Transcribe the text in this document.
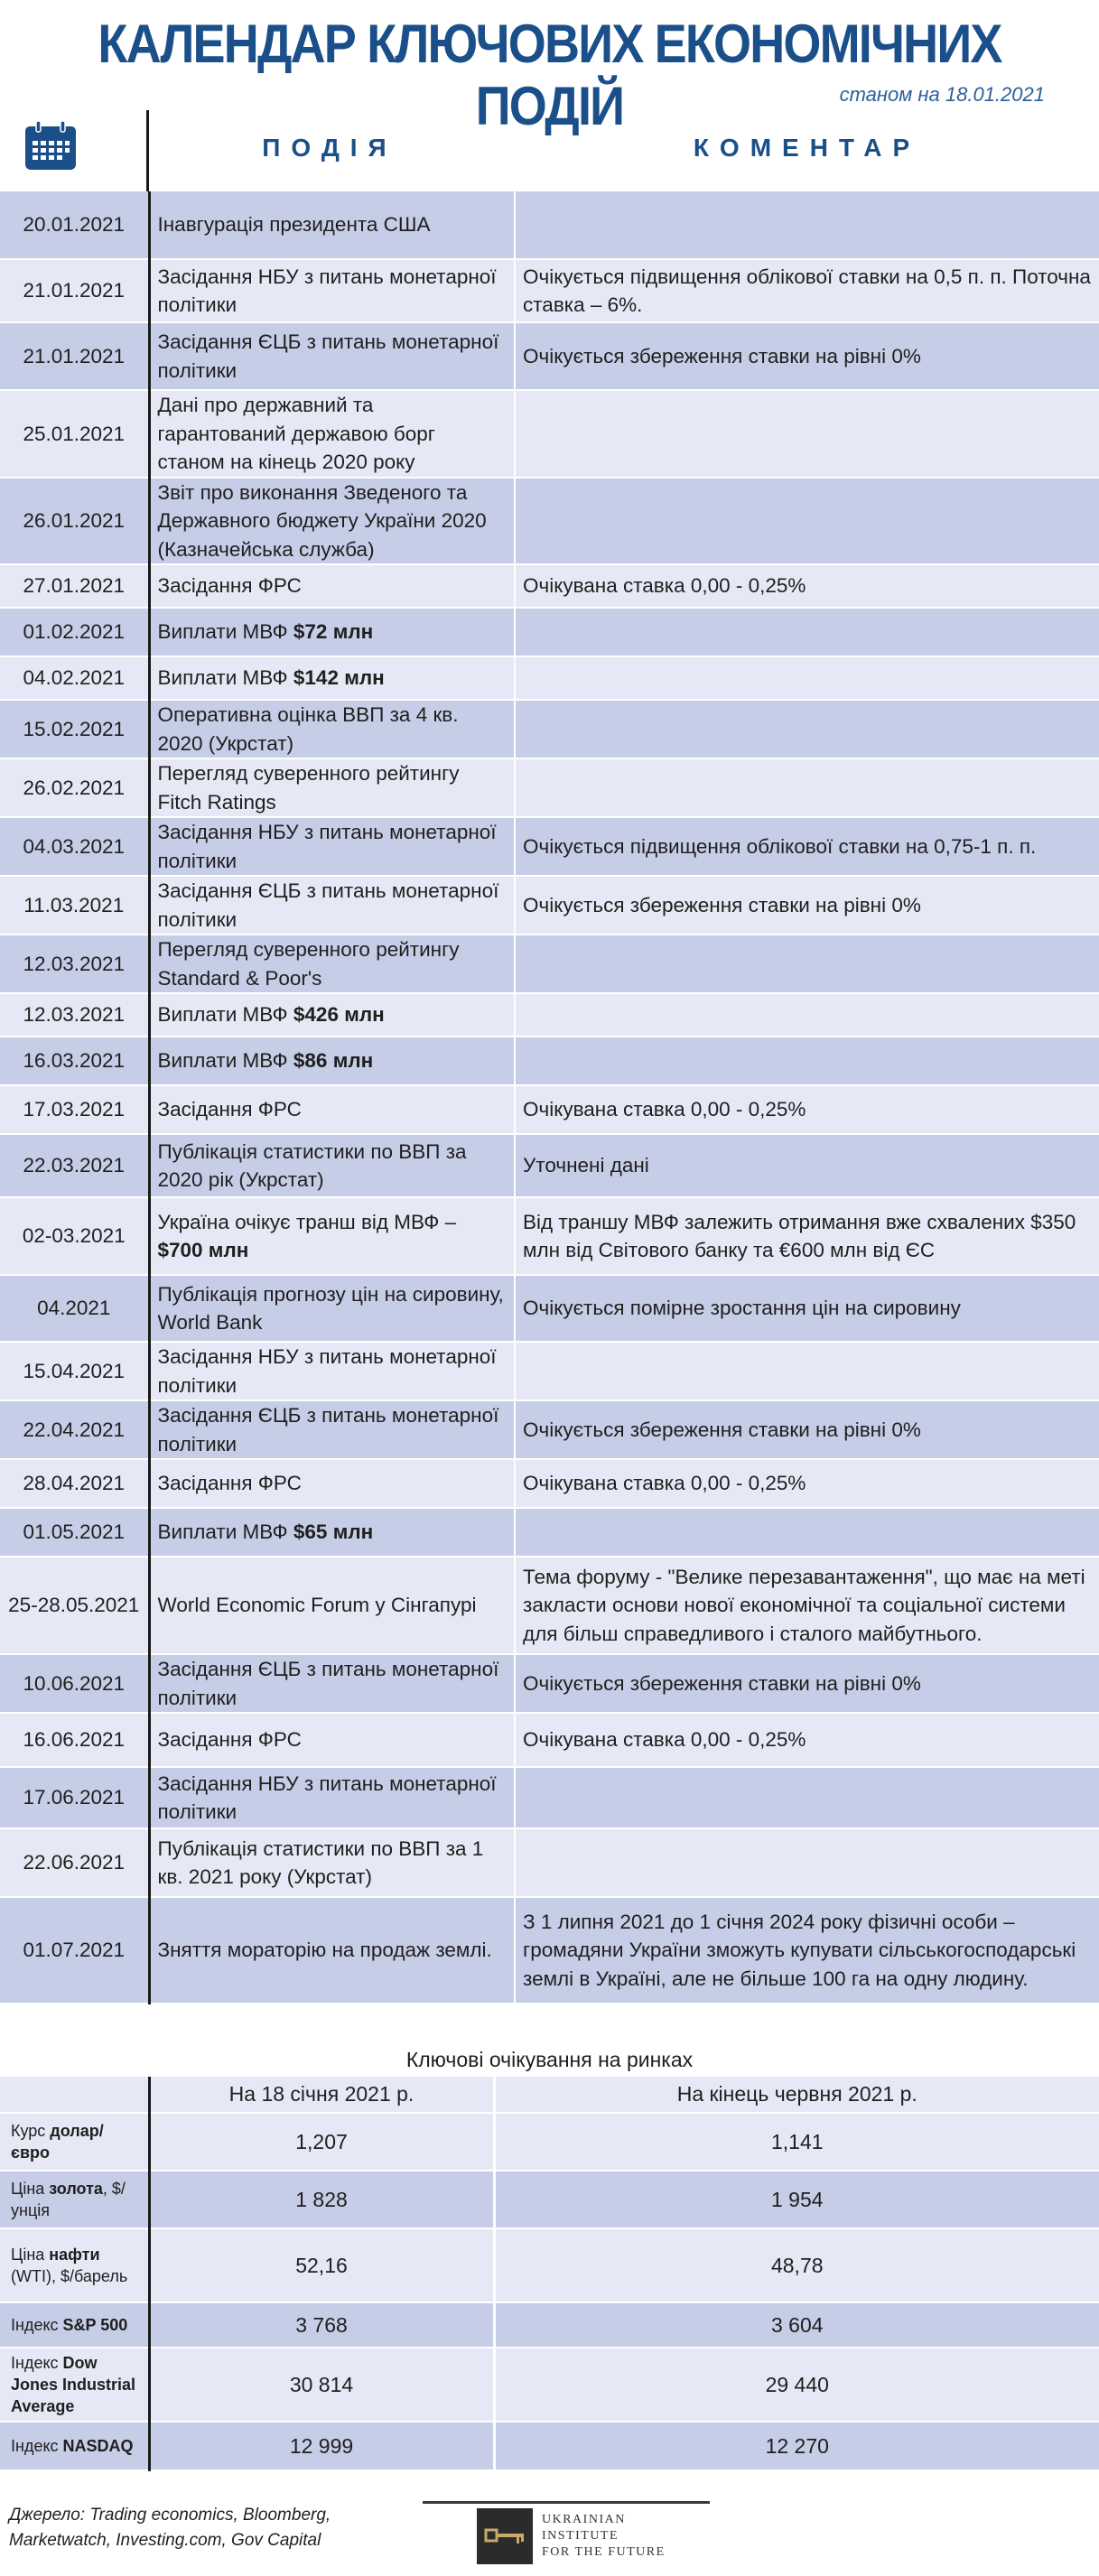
КАЛЕНДАР КЛЮЧОВИХ ЕКОНОМІЧНИХ ПОДІЙ	станом на 18.01.2021
ПОДІЯ	КОМЕНТАР
20.01.2021	Інавгурація президента США	
21.01.2021	Засідання НБУ з питань монетарної політики	Очікується підвищення облікової ставки на 0,5 п. п. Поточна ставка – 6%.
21.01.2021	Засідання ЄЦБ з питань монетарної політики	Очікується збереження ставки на рівні 0%
25.01.2021	Дані про державний та гарантований державою борг станом на кінець 2020 року	
26.01.2021	Звіт про виконання Зведеного та Державного бюджету України 2020 (Казначейська служба)	
27.01.2021	Засідання ФРС	Очікувана ставка 0,00 - 0,25%
01.02.2021	Виплати МВФ $72 млн	
04.02.2021	Виплати МВФ $142 млн	
15.02.2021	Оперативна оцінка ВВП за 4 кв. 2020 (Укрстат)	
26.02.2021	Перегляд суверенного рейтингу Fitch Ratings	
04.03.2021	Засідання НБУ з питань монетарної політики	Очікується підвищення облікової ставки на 0,75-1 п. п.
11.03.2021	Засідання ЄЦБ з питань монетарної політики	Очікується збереження ставки на рівні 0%
12.03.2021	Перегляд суверенного рейтингу Standard & Poor's	
12.03.2021	Виплати МВФ $426 млн	
16.03.2021	Виплати МВФ $86 млн	
17.03.2021	Засідання ФРС	Очікувана ставка 0,00 - 0,25%
22.03.2021	Публікація статистики по ВВП за 2020 рік (Укрстат)	Уточнені дані
02-03.2021	Україна очікує транш від МВФ – $700 млн	Від траншу МВФ залежить отримання вже схвалених $350 млн від Світового банку та €600 млн від ЄС
04.2021	Публікація прогнозу цін на сировину, World Bank	Очікується помірне зростання цін на сировину
15.04.2021	Засідання НБУ з питань монетарної політики	
22.04.2021	Засідання ЄЦБ з питань монетарної політики	Очікується збереження ставки на рівні 0%
28.04.2021	Засідання ФРС	Очікувана ставка 0,00 - 0,25%
01.05.2021	Виплати МВФ $65 млн	
25-28.05.2021	World Economic Forum у Сінгапурі	Тема форуму - "Велике перезавантаження", що має на меті закласти основи нової економічної та соціальної системи для більш справедливого і сталого майбутнього.
10.06.2021	Засідання ЄЦБ з питань монетарної політики	Очікується збереження ставки на рівні 0%
16.06.2021	Засідання ФРС	Очікувана ставка 0,00 - 0,25%
17.06.2021	Засідання НБУ з питань монетарної політики	
22.06.2021	Публікація статистики по ВВП за 1 кв. 2021 року (Укрстат)	
01.07.2021	Зняття мораторію на продаж землі.	З 1 липня 2021 до 1 січня 2024 року фізичні особи – громадяни України зможуть купувати сільськогосподарські землі в Україні, але не більше 100 га на одну людину.
Ключові очікування на ринках
	На 18 січня 2021 р.	На кінець червня 2021 р.
Курс долар/євро	1,207	1,141
Ціна золота, $/унція	1 828	1 954
Ціна нафти (WTI), $/барель	52,16	48,78
Індекс S&P 500	3 768	3 604
Індекс Dow Jones Industrial Average	30 814	29 440
Індекс NASDAQ	12 999	12 270
Джерело: Trading economics, Bloomberg, Marketwatch, Investing.com, Gov Capital
UKRAINIAN
INSTITUTE
FOR THE FUTURE
